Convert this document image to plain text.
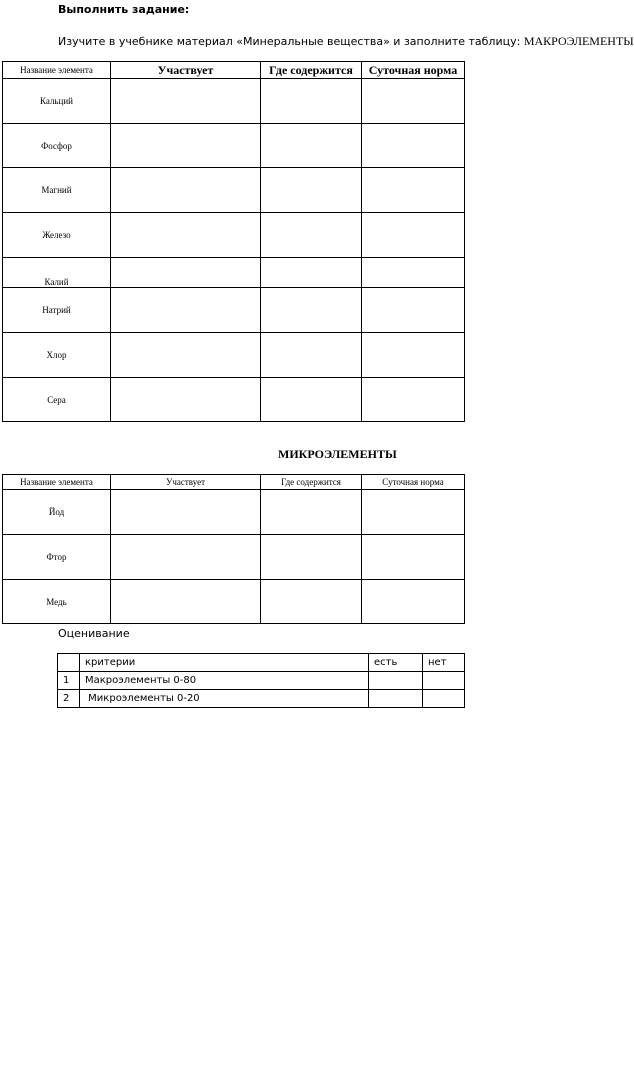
Выполнить задание:
Изучите в учебнике материал «Минеральные вещества» и заполните таблицу: МАКРОЭЛЕМЕНТЫ
Название элемента	Участвует	Где содержится	Суточная норма
Кальций			
Фосфор			
Магний			
Железо			
Калий			
Натрий			
Хлор			
Сера			
МИКРОЭЛЕМЕНТЫ
Название элемента	Участвует	Где содержится	Суточная норма
Йод			
Фтор			
Медь			
Оценивание
	критерии	есть	нет
1	Макроэлементы 0-80		
2	Микроэлементы 0-20		
